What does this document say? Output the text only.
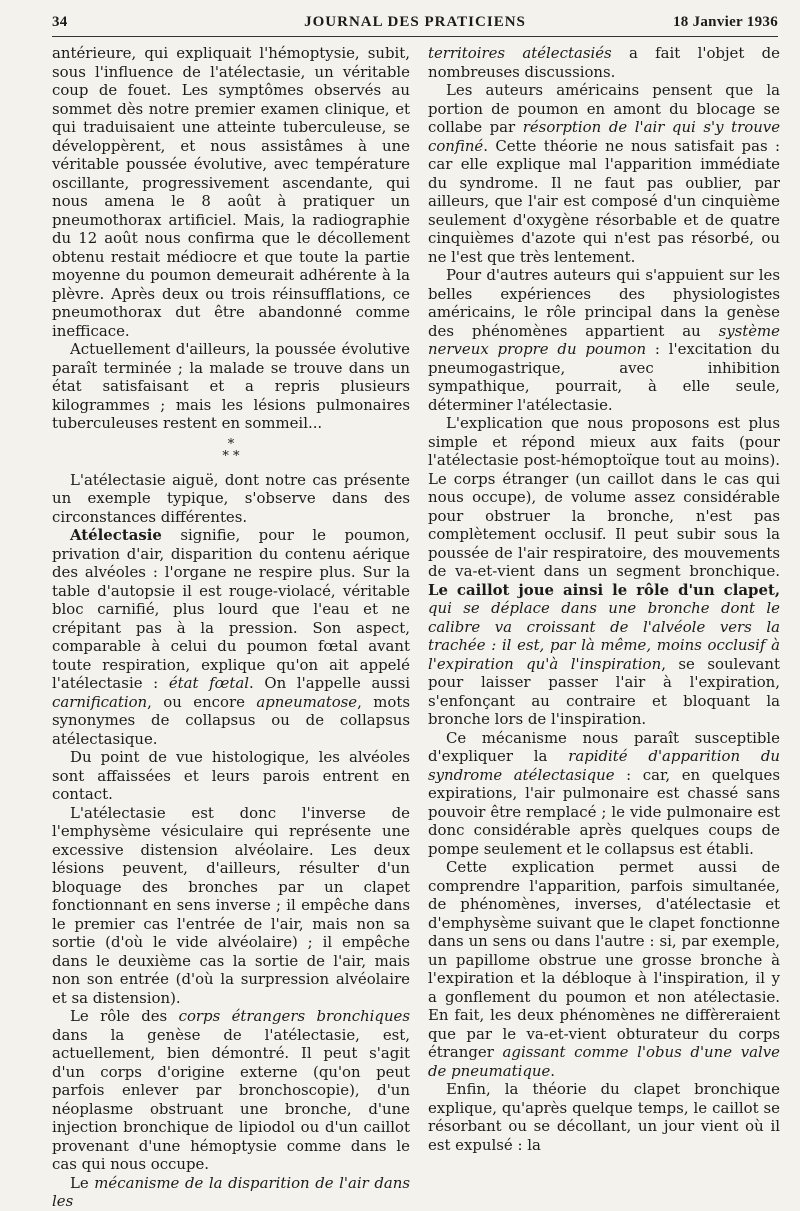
34	JOURNAL DES PRATICIENS	18 Janvier 1936

antérieure, qui expliquait l'hémoptysie, subit, sous l'influence de l'atélectasie, un véritable coup de fouet. Les symptômes observés au sommet dès notre premier examen clinique, et qui traduisaient une atteinte tuberculeuse, se développèrent, et nous assistâmes à une véritable poussée évolutive, avec température oscillante, progressivement ascendante, qui nous amena le 8 août à pratiquer un pneumothorax artificiel. Mais, la radiographie du 12 août nous confirma que le décollement obtenu restait médiocre et que toute la partie moyenne du poumon demeurait adhérente à la plèvre. Après deux ou trois réinsufflations, ce pneumothorax dut être abandonné comme inefficace.

Actuellement d'ailleurs, la poussée évolutive paraît terminée ; la malade se trouve dans un état satisfaisant et a repris plusieurs kilogrammes ; mais les lésions pulmonaires tuberculeuses restent en sommeil...

*
* *

L'atélectasie aiguë, dont notre cas présente un exemple typique, s'observe dans des circonstances différentes.

Atélectasie signifie, pour le poumon, privation d'air, disparition du contenu aérique des alvéoles : l'organe ne respire plus. Sur la table d'autopsie il est rouge-violacé, véritable bloc carnifié, plus lourd que l'eau et ne crépitant pas à la pression. Son aspect, comparable à celui du poumon fœtal avant toute respiration, explique qu'on ait appelé l'atélectasie : état fœtal. On l'appelle aussi carnification, ou encore apneumatose, mots synonymes de collapsus ou de collapsus atélectasique.

Du point de vue histologique, les alvéoles sont affaissées et leurs parois entrent en contact.

L'atélectasie est donc l'inverse de l'emphysème vésiculaire qui représente une excessive distension alvéolaire. Les deux lésions peuvent, d'ailleurs, résulter d'un bloquage des bronches par un clapet fonctionnant en sens inverse ; il empêche dans le premier cas l'entrée de l'air, mais non sa sortie (d'où le vide alvéolaire) ; il empêche dans le deuxième cas la sortie de l'air, mais non son entrée (d'où la surpression alvéolaire et sa distension).

Le rôle des corps étrangers bronchiques dans la genèse de l'atélectasie, est, actuellement, bien démontré. Il peut s'agit d'un corps d'origine externe (qu'on peut parfois enlever par bronchoscopie), d'un néoplasme obstruant une bronche, d'une injection bronchique de lipiodol ou d'un caillot provenant d'une hémoptysie comme dans le cas qui nous occupe.

Le mécanisme de la disparition de l'air dans les

territoires atélectasiés a fait l'objet de nombreuses discussions.

Les auteurs américains pensent que la portion de poumon en amont du blocage se collabe par résorption de l'air qui s'y trouve confiné. Cette théorie ne nous satisfait pas : car elle explique mal l'apparition immédiate du syndrome. Il ne faut pas oublier, par ailleurs, que l'air est composé d'un cinquième seulement d'oxygène résorbable et de quatre cinquièmes d'azote qui n'est pas résorbé, ou ne l'est que très lentement.

Pour d'autres auteurs qui s'appuient sur les belles expériences des physiologistes américains, le rôle principal dans la genèse des phénomènes appartient au système nerveux propre du poumon : l'excitation du pneumogastrique, avec inhibition sympathique, pourrait, à elle seule, déterminer l'atélectasie.

L'explication que nous proposons est plus simple et répond mieux aux faits (pour l'atélectasie post-hémoptoïque tout au moins). Le corps étranger (un caillot dans le cas qui nous occupe), de volume assez considérable pour obstruer la bronche, n'est pas complètement occlusif. Il peut subir sous la poussée de l'air respiratoire, des mouvements de va-et-vient dans un segment bronchique. Le caillot joue ainsi le rôle d'un clapet, qui se déplace dans une bronche dont le calibre va croissant de l'alvéole vers la trachée : il est, par là même, moins occlusif à l'expiration qu'à l'inspiration, se soulevant pour laisser passer l'air à l'expiration, s'enfonçant au contraire et bloquant la bronche lors de l'inspiration.

Ce mécanisme nous paraît susceptible d'expliquer la rapidité d'apparition du syndrome atélectasique : car, en quelques expirations, l'air pulmonaire est chassé sans pouvoir être remplacé ; le vide pulmonaire est donc considérable après quelques coups de pompe seulement et le collapsus est établi.

Cette explication permet aussi de comprendre l'apparition, parfois simultanée, de phénomènes, inverses, d'atélectasie et d'emphysème suivant que le clapet fonctionne dans un sens ou dans l'autre : si, par exemple, un papillome obstrue une grosse bronche à l'expiration et la débloque à l'inspiration, il y a gonflement du poumon et non atélectasie. En fait, les deux phénomènes ne diffèreraient que par le va-et-vient obturateur du corps étranger agissant comme l'obus d'une valve de pneumatique.

Enfin, la théorie du clapet bronchique explique, qu'après quelque temps, le caillot se résorbant ou se décollant, un jour vient où il est expulsé : la
